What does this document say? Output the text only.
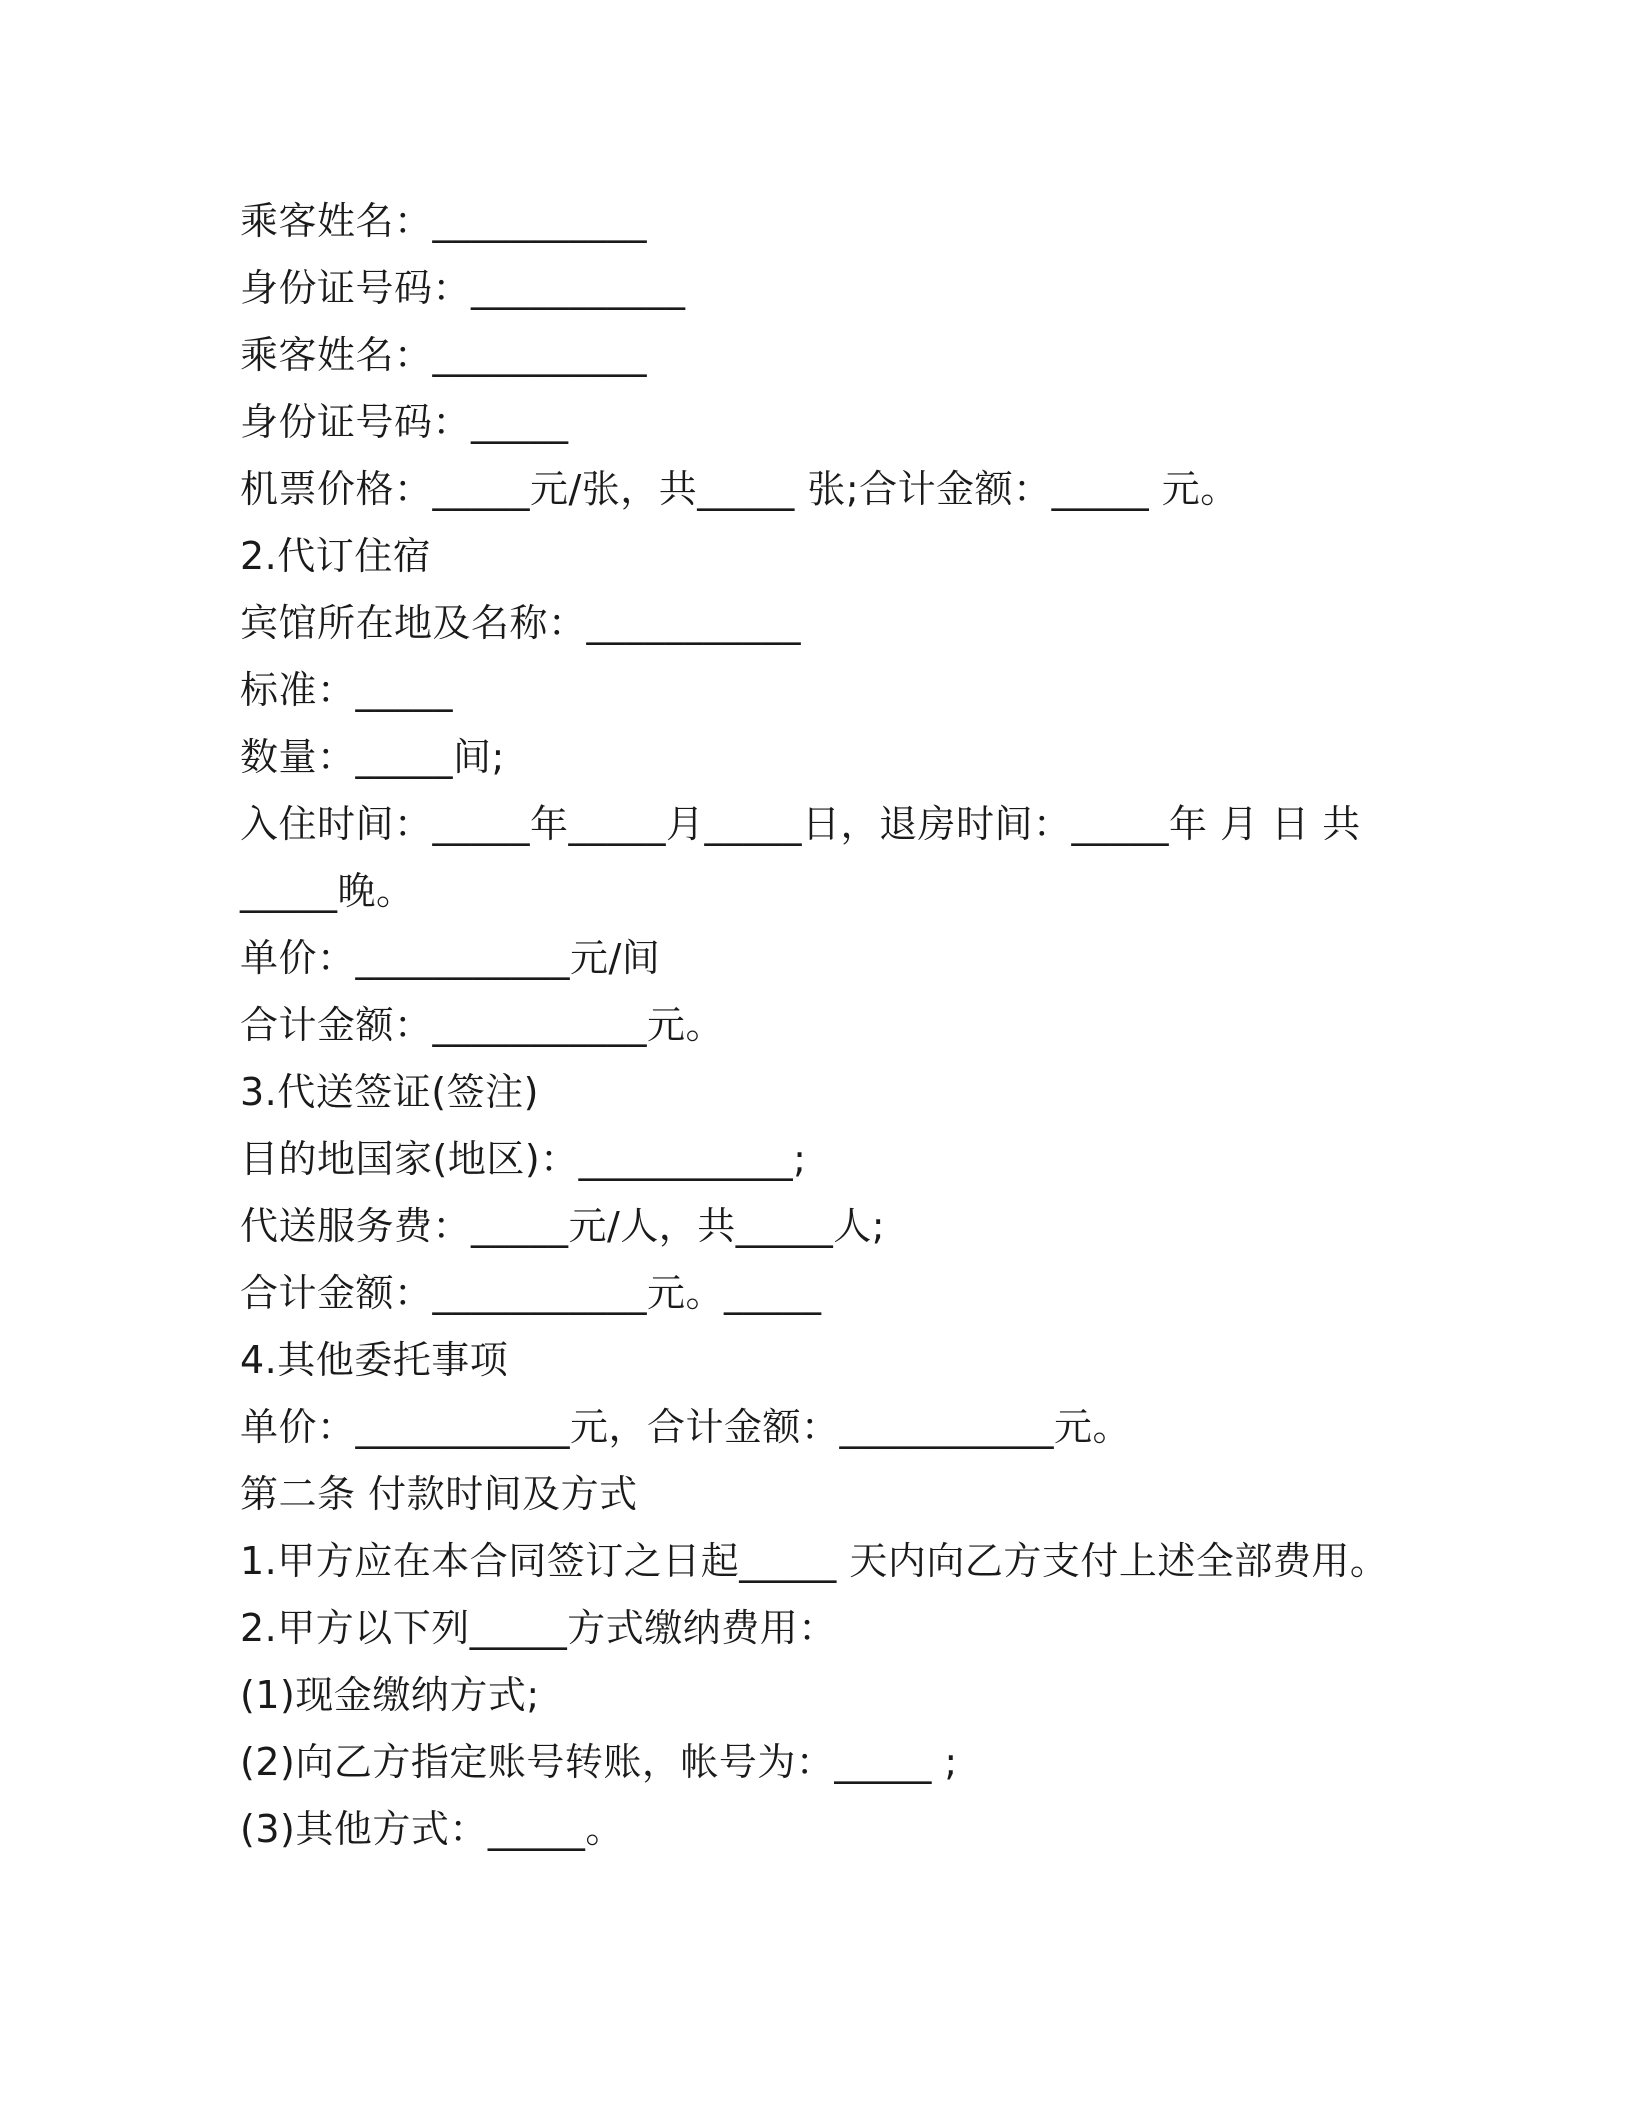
乘客姓名：___________
身份证号码：___________
乘客姓名：___________
身份证号码：_____
机票价格：_____元/张，共_____ 张;合计金额：_____ 元。
2.代订住宿
宾馆所在地及名称：___________
标准：_____
数量：_____间;
入住时间：_____年_____月_____日，退房时间：_____年 月 日 共
_____晚。
单价：___________元/间
合计金额：___________元。
3.代送签证(签注)
目的地国家(地区)：___________;
代送服务费：_____元/人，共_____人;
合计金额：___________元。_____
4.其他委托事项
单价：___________元，合计金额：___________元。
第二条 付款时间及方式
1.甲方应在本合同签订之日起_____ 天内向乙方支付上述全部费用。
2.甲方以下列_____方式缴纳费用：
(1)现金缴纳方式;
(2)向乙方指定账号转账，帐号为：_____ ;
(3)其他方式：_____。
